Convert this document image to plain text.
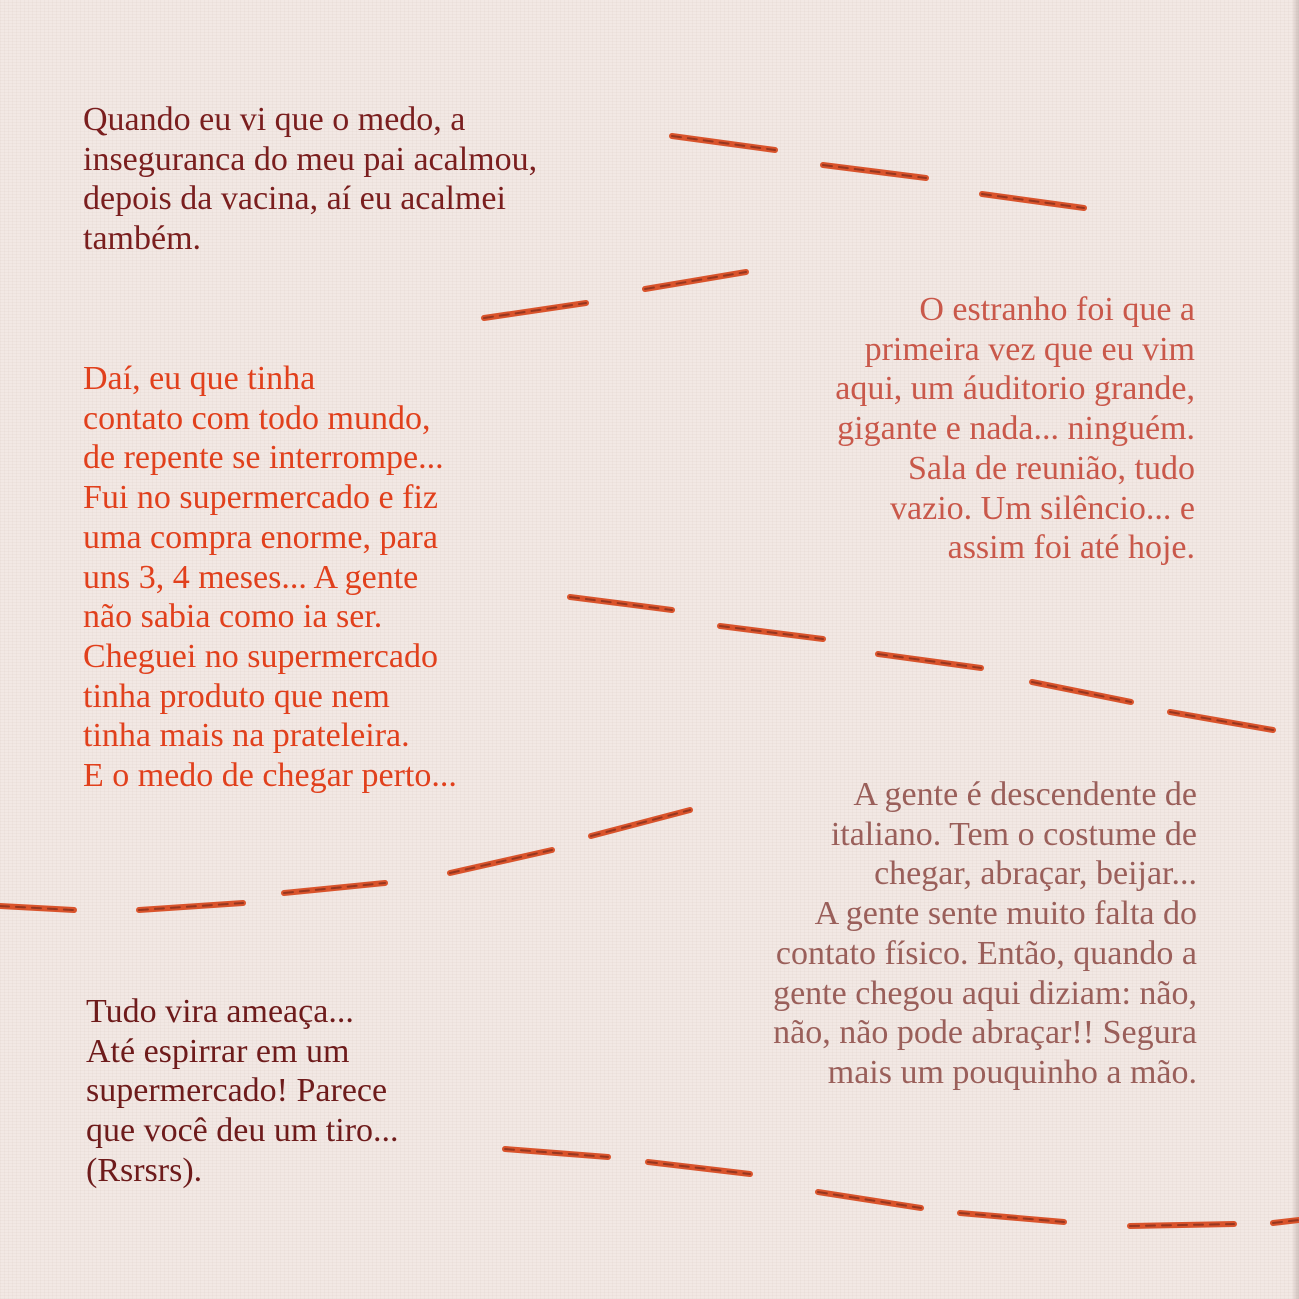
Quando eu vi que o medo, a
inseguranca do meu pai acalmou,
depois da vacina, aí eu acalmei
também.

Daí, eu que tinha
contato com todo mundo,
de repente se interrompe...
Fui no supermercado e fiz
uma compra enorme, para
uns 3, 4 meses... A gente
não sabia como ia ser.
Cheguei no supermercado
tinha produto que nem
tinha mais na prateleira.
E o medo de chegar perto...

O estranho foi que a
primeira vez que eu vim
aqui, um áuditorio grande,
gigante e nada... ninguém.
Sala de reunião, tudo
vazio. Um silêncio... e
assim foi até hoje.

A gente é descendente de
italiano. Tem o costume de
chegar, abraçar, beijar...
A gente sente muito falta do
contato físico. Então, quando a
gente chegou aqui diziam: não,
não, não pode abraçar!! Segura
mais um pouquinho a mão.

Tudo vira ameaça...
Até espirrar em um
supermercado! Parece
que você deu um tiro...
(Rsrsrs).
